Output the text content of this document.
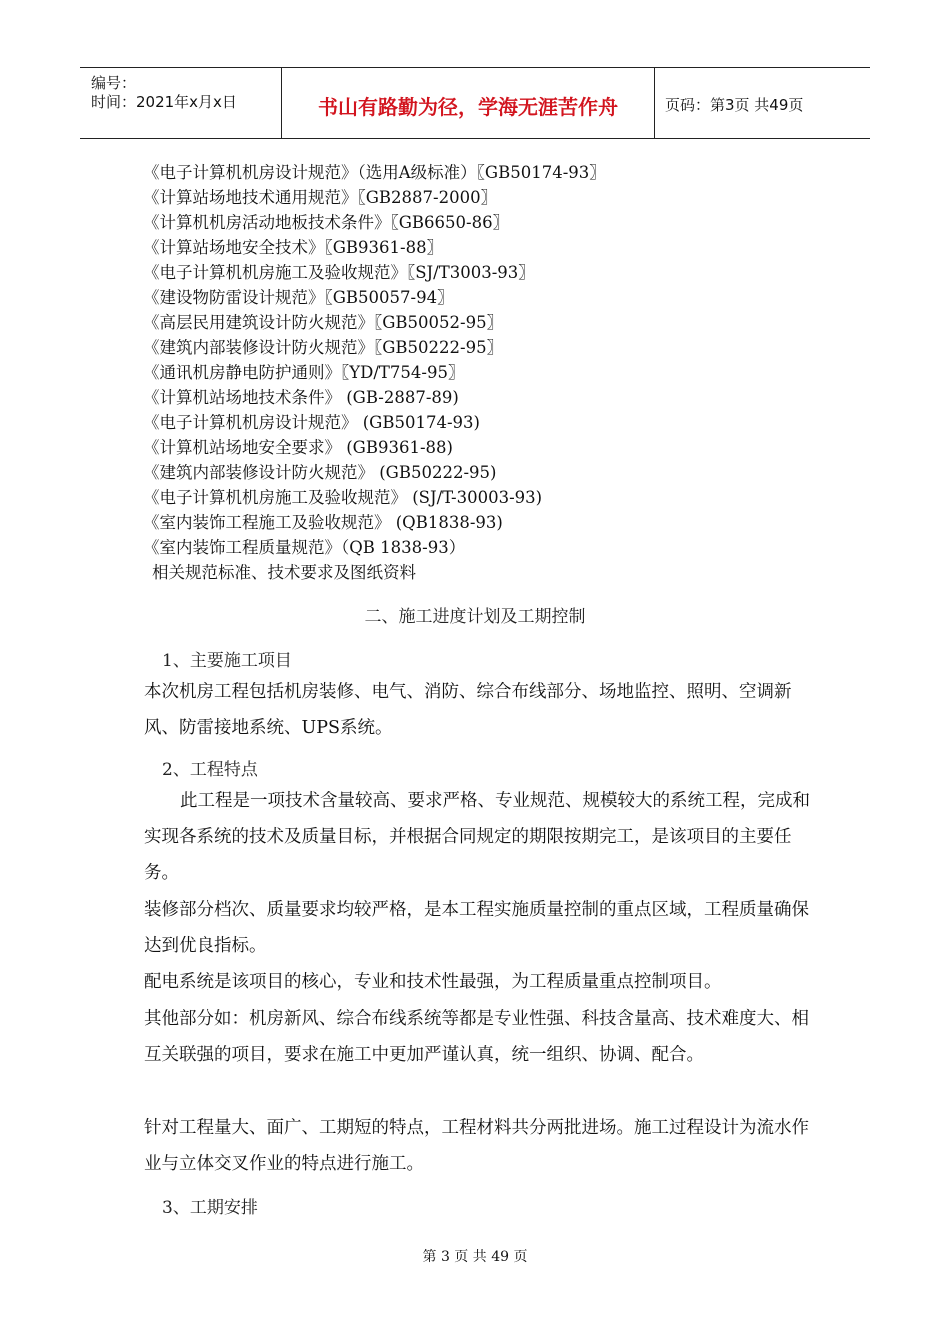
编号：
时间：2021年x月x日	书山有路勤为径，学海无涯苦作舟	页码：第3页 共49页
《电子计算机机房设计规范》（选用A级标准）〖GB50174-93〗
《计算站场地技术通用规范》〖GB2887-2000〗
《计算机机房活动地板技术条件》〖GB6650-86〗
《计算站场地安全技术》〖GB9361-88〗
《电子计算机机房施工及验收规范》〖SJ/T3003-93〗
《建设物防雷设计规范》〖GB50057-94〗
《高层民用建筑设计防火规范》〖GB50052-95〗
《建筑内部装修设计防火规范》〖GB50222-95〗
《通讯机房静电防护通则》〖YD/T754-95〗
《计算机站场地技术条件》 (GB-2887-89)
《电子计算机机房设计规范》 (GB50174-93)
《计算机站场地安全要求》 (GB9361-88)
《建筑内部装修设计防火规范》 (GB50222-95)
《电子计算机机房施工及验收规范》 (SJ/T-30003-93)
《室内装饰工程施工及验收规范》 (QB1838-93)
《室内装饰工程质量规范》（QB 1838-93）
相关规范标准、技术要求及图纸资料
二、施工进度计划及工期控制
1、主要施工项目
本次机房工程包括机房装修、电气、消防、综合布线部分、场地监控、照明、空调新风、防雷接地系统、UPS系统。
2、工程特点
此工程是一项技术含量较高、要求严格、专业规范、规模较大的系统工程，完成和实现各系统的技术及质量目标，并根据合同规定的期限按期完工，是该项目的主要任务。
装修部分档次、质量要求均较严格，是本工程实施质量控制的重点区域，工程质量确保达到优良指标。
配电系统是该项目的核心，专业和技术性最强，为工程质量重点控制项目。
其他部分如：机房新风、综合布线系统等都是专业性强、科技含量高、技术难度大、相互关联强的项目，要求在施工中更加严谨认真，统一组织、协调、配合。
针对工程量大、面广、工期短的特点，工程材料共分两批进场。施工过程设计为流水作业与立体交叉作业的特点进行施工。
3、工期安排
第 3 页 共 49 页
